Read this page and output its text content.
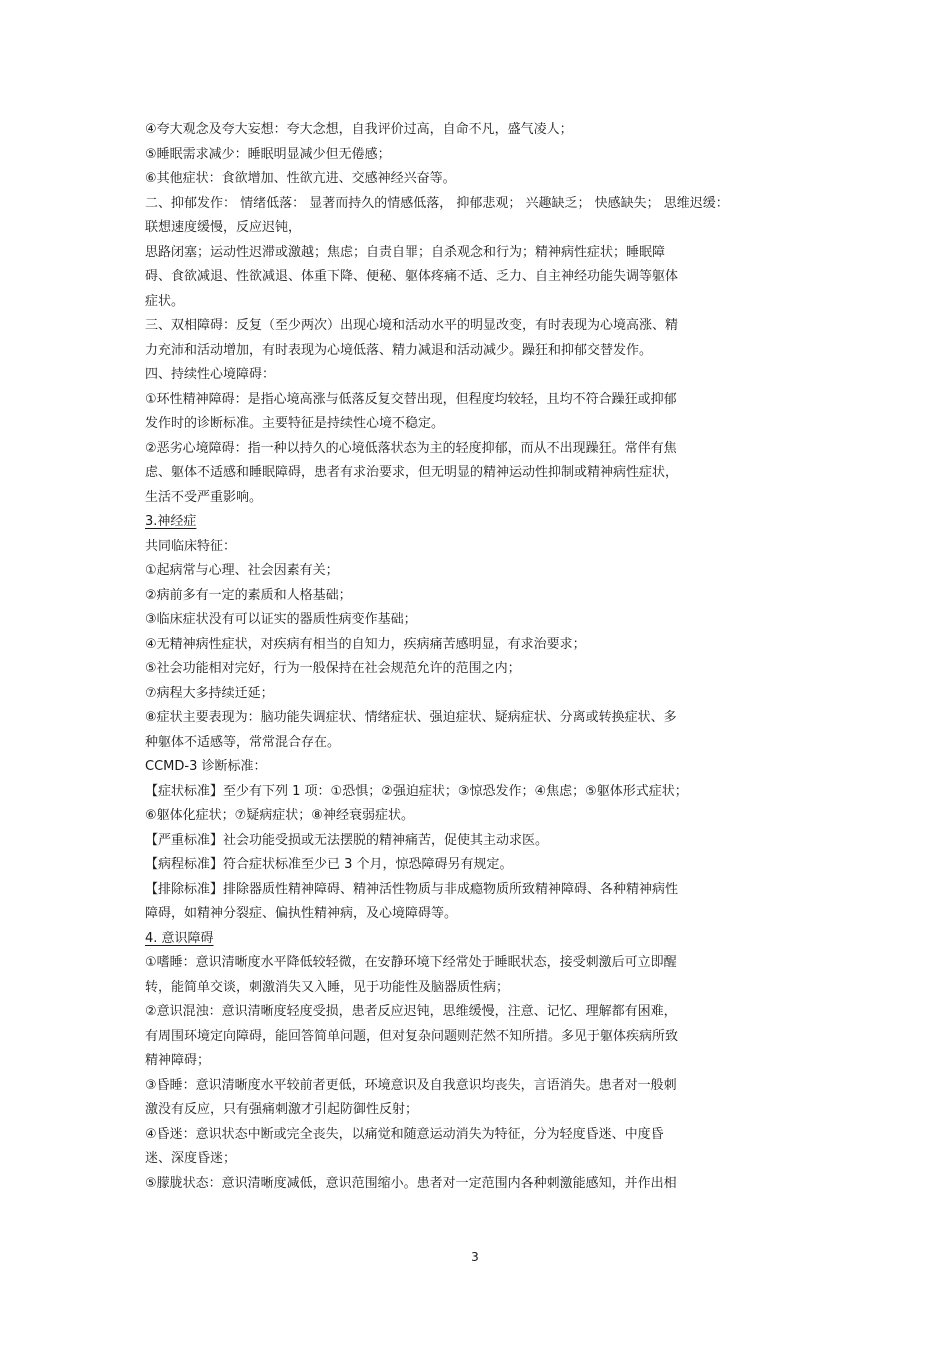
④夸大观念及夸大妄想：夸大念想，自我评价过高，自命不凡，盛气凌人；
⑤睡眠需求减少：睡眠明显减少但无倦感；
⑥其他症状：食欲增加、性欲亢进、交感神经兴奋等。
二、抑郁发作： 情绪低落： 显著而持久的情感低落， 抑郁悲观； 兴趣缺乏； 快感缺失； 思维迟缓：
联想速度缓慢，反应迟钝，
思路闭塞；运动性迟滞或激越；焦虑；自责自罪；自杀观念和行为；精神病性症状；睡眠障
碍、食欲减退、性欲减退、体重下降、便秘、躯体疼痛不适、乏力、自主神经功能失调等躯体
症状。
三、双相障碍：反复（至少两次）出现心境和活动水平的明显改变，有时表现为心境高涨、精
力充沛和活动增加，有时表现为心境低落、精力减退和活动减少。躁狂和抑郁交替发作。
四、持续性心境障碍：
①环性精神障碍：是指心境高涨与低落反复交替出现，但程度均较轻，且均不符合躁狂或抑郁
发作时的诊断标准。主要特征是持续性心境不稳定。
②恶劣心境障碍：指一种以持久的心境低落状态为主的轻度抑郁，而从不出现躁狂。常伴有焦
虑、躯体不适感和睡眠障碍，患者有求治要求，但无明显的精神运动性抑制或精神病性症状，
生活不受严重影响。
3.神经症
共同临床特征：
①起病常与心理、社会因素有关；
②病前多有一定的素质和人格基础；
③临床症状没有可以证实的器质性病变作基础；
④无精神病性症状，对疾病有相当的自知力，疾病痛苦感明显，有求治要求；
⑤社会功能相对完好，行为一般保持在社会规范允许的范围之内；
⑦病程大多持续迁延；
⑧症状主要表现为：脑功能失调症状、情绪症状、强迫症状、疑病症状、分离或转换症状、多
种躯体不适感等，常常混合存在。
CCMD-3 诊断标准：
【症状标准】至少有下列 1 项：①恐惧；②强迫症状；③惊恐发作；④焦虑；⑤躯体形式症状；
⑥躯体化症状；⑦疑病症状；⑧神经衰弱症状。
【严重标准】社会功能受损或无法摆脱的精神痛苦，促使其主动求医。
【病程标准】符合症状标准至少已 3 个月，惊恐障碍另有规定。
【排除标准】排除器质性精神障碍、精神活性物质与非成瘾物质所致精神障碍、各种精神病性
障碍，如精神分裂症、偏执性精神病，及心境障碍等。
4. 意识障碍
①嗜睡：意识清晰度水平降低较轻微，在安静环境下经常处于睡眠状态，接受刺激后可立即醒
转，能简单交谈，刺激消失又入睡，见于功能性及脑器质性病；
②意识混浊：意识清晰度轻度受损，患者反应迟钝，思维缓慢，注意、记忆、理解都有困难，
有周围环境定向障碍，能回答简单问题，但对复杂问题则茫然不知所措。多见于躯体疾病所致
精神障碍；
③昏睡：意识清晰度水平较前者更低，环境意识及自我意识均丧失，言语消失。患者对一般刺
激没有反应，只有强痛刺激才引起防御性反射；
④昏迷：意识状态中断或完全丧失，以痛觉和随意运动消失为特征，分为轻度昏迷、中度昏
迷、深度昏迷；
⑤朦胧状态：意识清晰度减低，意识范围缩小。患者对一定范围内各种刺激能感知，并作出相
3
